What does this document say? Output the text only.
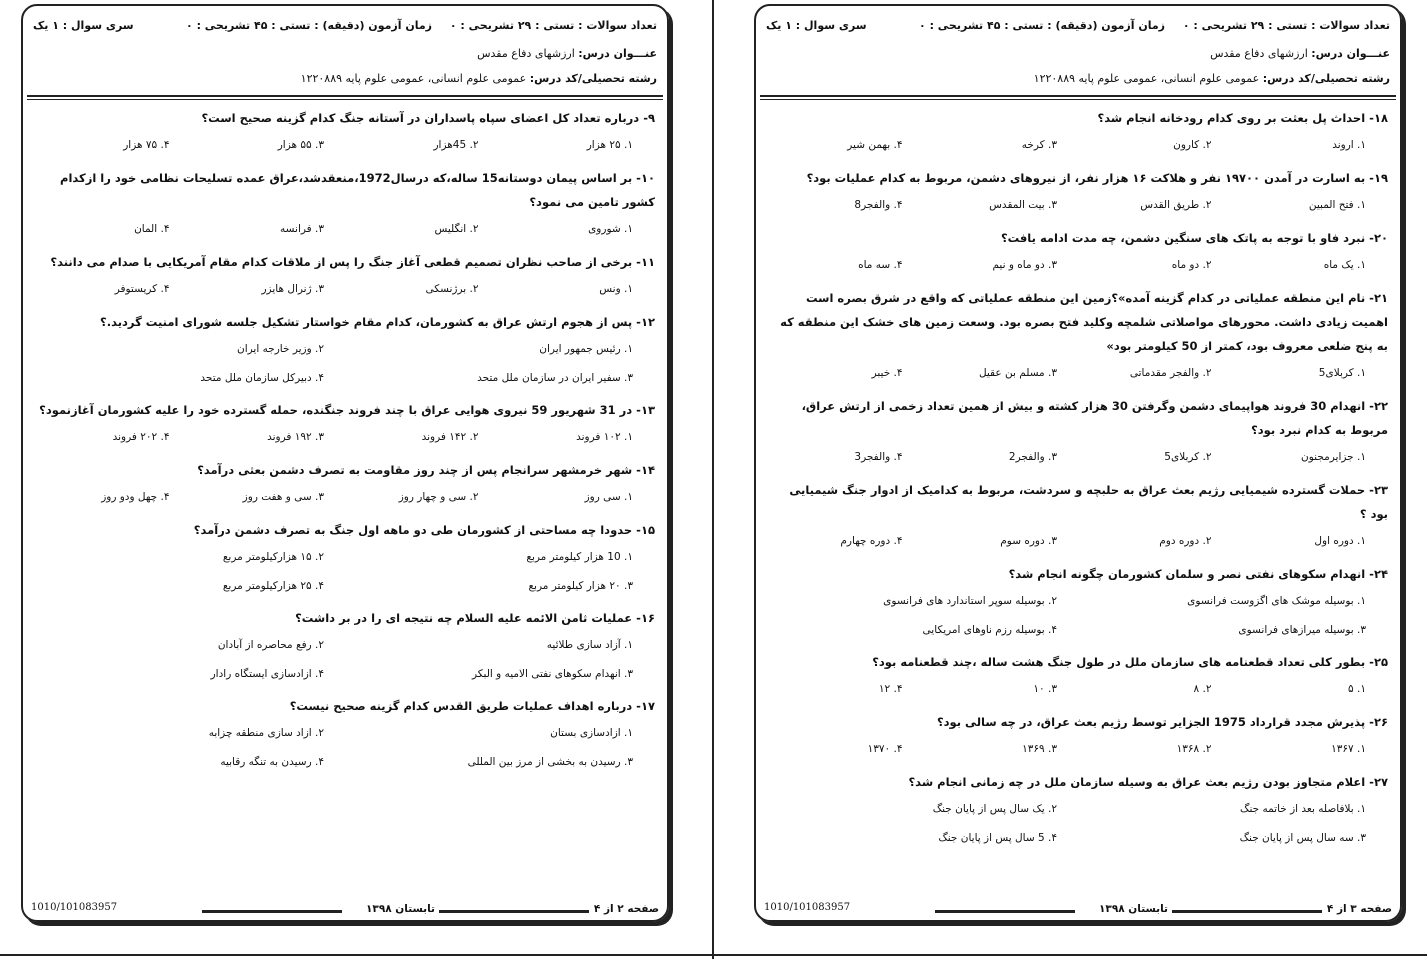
تعداد سوالات : تستی : ۲۹ تشریحی : ۰
زمان آزمون (دقیقه) : تستی : ۴۵ تشریحی : ۰
سری سوال : ۱ یک
عنـــوان درس: ارزشهای دفاع مقدس
رشته تحصیلی/کد درس: عمومی علوم انسانی، عمومی علوم پایه ۱۲۲۰۸۸۹

۱۸-احداث پل بعثت بر روی کدام رودخانه انجام شد؟

۱. اروند
۲. کارون
۳. کرخه
۴. بهمن شیر

۱۹-به اسارت در آمدن ۱۹۷۰۰ نفر و هلاکت ۱۶ هزار نفر، از نیروهای دشمن، مربوط به کدام عملیات بود؟

۱. فتح المبین
۲. طریق القدس
۳. بیت المقدس
۴. والفجر8

۲۰-نبرد فاو با توجه به پاتک های سنگین دشمن، چه مدت ادامه یافت؟

۱. یک ماه
۲. دو ماه
۳. دو ماه و نیم
۴. سه ماه

۲۱-نام این منطقه عملیاتی در کدام گزینه آمده»؟زمین این منطقه عملیاتی که واقع در شرق بصره است اهمیت زیادی داشت. محورهای مواصلاتی شلمچه وکلید فتح بصره بود. وسعت زمین های خشک این منطقه که به پنج ضلعی معروف بود، کمتر از 50 کیلومتر بود»

۱. کربلای5
۲. والفجر مقدماتی
۳. مسلم بن عقیل
۴. خیبر

۲۲-انهدام 30 فروند هواپیمای دشمن وگرفتن 30 هزار کشته و بیش از همین تعداد زخمی از ارتش عراق، مربوط به کدام نبرد بود؟

۱. جزایرمجنون
۲. کربلای5
۳. والفجر2
۴. والفجر3

۲۳-حملات گسترده شیمیایی رژیم بعث عراق به حلبچه و سردشت، مربوط به کدامیک از ادوار جنگ شیمیایی بود ؟

۱. دوره اول
۲. دوره دوم
۳. دوره سوم
۴. دوره چهارم

۲۴-انهدام سکوهای نفتی نصر و سلمان کشورمان چگونه انجام شد؟

۱. بوسیله موشک های اگزوست فرانسوی
۲. بوسیله سوپر استاندارد های فرانسوی
۳. بوسیله میرازهای فرانسوی
۴. بوسیله رزم ناوهای امریکایی

۲۵-بطور کلی تعداد قطعنامه های سازمان ملل در طول جنگ هشت ساله ،چند قطعنامه بود؟

۱. ۵
۲. ۸
۳. ۱۰
۴. ۱۲

۲۶-پذیرش مجدد قرارداد 1975 الجزایر توسط رژیم بعث عراق، در چه سالی بود؟

۱. ۱۳۶۷
۲. ۱۳۶۸
۳. ۱۳۶۹
۴. ۱۳۷۰

۲۷-اعلام متجاوز بودن رژیم بعث عراق به وسیله سازمان ملل در چه زمانی انجام شد؟

۱. بلافاصله بعد از خاتمه جنگ
۲. یک سال پس از پایان جنگ
۳. سه سال پس از پایان جنگ
۴. 5 سال پس از پایان جنگ
صفحه ۳ از ۴
تابستان ۱۳۹۸
1010/101083957
تعداد سوالات : تستی : ۲۹ تشریحی : ۰
زمان آزمون (دقیقه) : تستی : ۴۵ تشریحی : ۰
سری سوال : ۱ یک
عنـــوان درس: ارزشهای دفاع مقدس
رشته تحصیلی/کد درس: عمومی علوم انسانی، عمومی علوم پایه ۱۲۲۰۸۸۹

۹-درباره تعداد کل اعضای سپاه پاسداران در آستانه جنگ کدام گزینه صحیح است؟

۱. ۲۵ هزار
۲. 45هزار
۳. ۵۵ هزار
۴. ۷۵ هزار

۱۰-بر اساس پیمان دوستانه15 ساله،که درسال1972،منعقدشد،عراق عمده تسلیحات نظامی خود را ازکدام کشور تامین می نمود؟

۱. شوروی
۲. انگلیس
۳. فرانسه
۴. المان

۱۱-برخی از صاحب نظران تصمیم قطعی آغاز جنگ را پس از ملاقات کدام مقام آمریکایی با صدام می دانند؟

۱. ونس
۲. برژنسکی
۳. ژنرال هایزر
۴. کریستوفر

۱۲-پس از هجوم ارتش عراق به کشورمان، کدام مقام خواستار تشکیل جلسه شورای امنیت گردید.؟

۱. رئیس جمهور ایران
۲. وزیر خارجه ایران
۳. سفیر ایران در سازمان ملل متحد
۴. دبیرکل سازمان ملل متحد

۱۳-در 31 شهریور 59 نیروی هوایی عراق با چند فروند جنگنده، حمله گسترده خود را علیه کشورمان آغازنمود؟

۱. ۱۰۲ فروند
۲. ۱۴۲ فروند
۳. ۱۹۲ فروند
۴. ۲۰۲ فروند

۱۴-شهر خرمشهر سرانجام پس از چند روز مقاومت به تصرف دشمن بعثی درآمد؟

۱. سی روز
۲. سی و چهار روز
۳. سی و هفت روز
۴. چهل ودو روز

۱۵-حدودا چه مساحتی از کشورمان طی دو ماهه اول جنگ به تصرف دشمن درآمد؟

۱. 10 هزار کیلومتر مربع
۲. ۱۵ هزارکیلومتر مربع
۳. ۲۰ هزار کیلومتر مربع
۴. ۲۵ هزارکیلومتر مربع

۱۶-عملیات ثامن الائمه علیه السلام چه نتیجه ای را در بر داشت؟

۱. آزاد سازی طلائیه
۲. رفع محاصره از آبادان
۳. انهدام سکوهای نفتی الامیه و البکر
۴. ازادسازی ایستگاه رادار

۱۷-درباره اهداف عملیات طریق القدس کدام گزینه صحیح نیست؟

۱. ازادسازی بستان
۲. ازاد سازی منطقه چزابه
۳. رسیدن به بخشی از مرز بین المللی
۴. رسیدن به تنگه رقابیه
صفحه ۲ از ۴
تابستان ۱۳۹۸
1010/101083957
